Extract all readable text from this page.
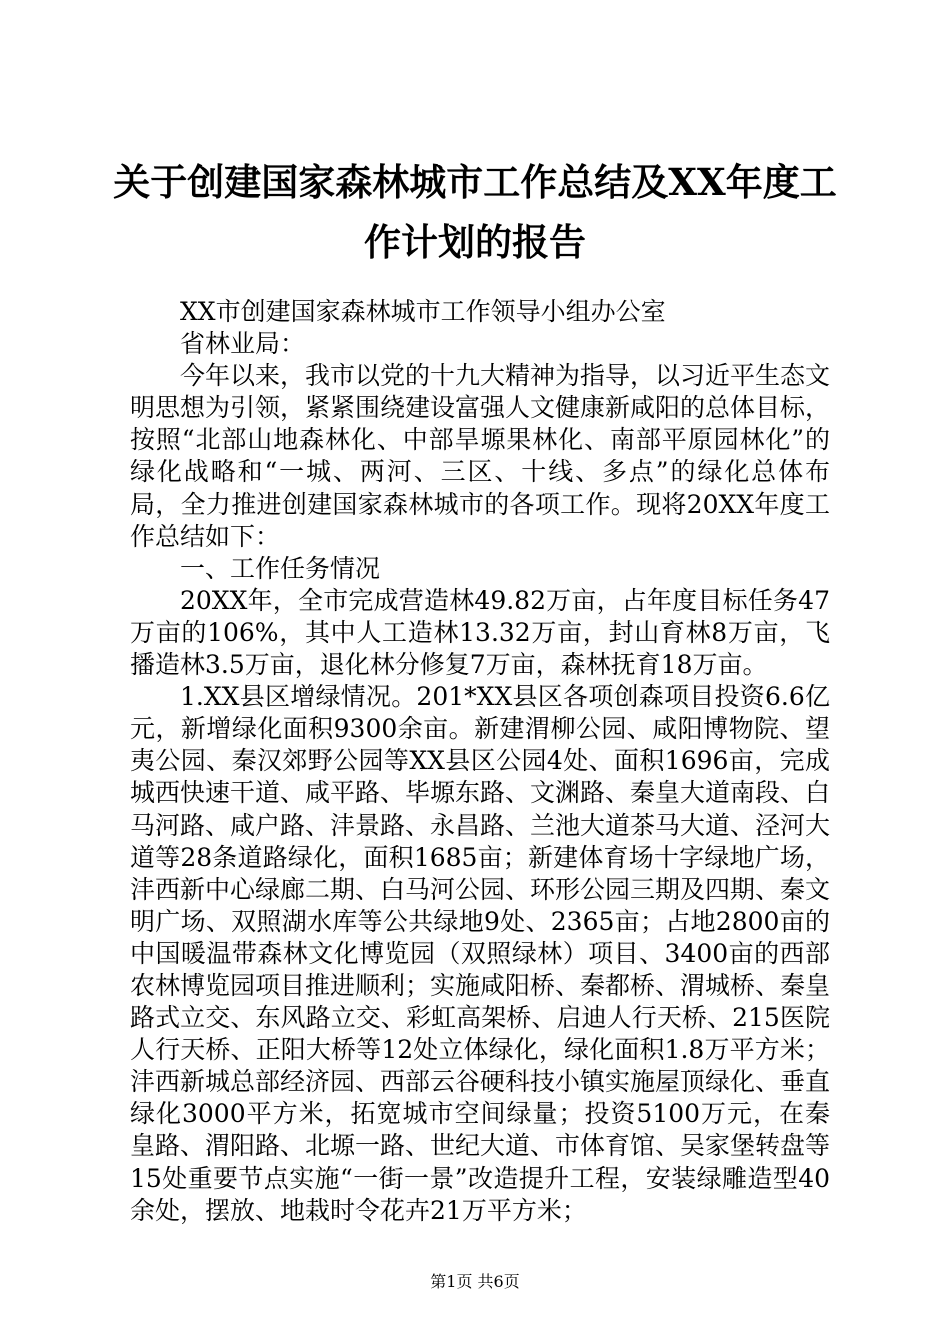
关于创建国家森林城市工作总结及XX年度工
作计划的报告

XX市创建国家森林城市工作领导小组办公室

省林业局：

今年以来，我市以党的十九大精神为指导，以习近平生态文明思想为引领，紧紧围绕建设富强人文健康新咸阳的总体目标，按照“北部山地森林化、中部旱塬果林化、南部平原园林化”的绿化战略和“一城、两河、三区、十线、多点”的绿化总体布局，全力推进创建国家森林城市的各项工作。现将20XX年度工作总结如下：

一、工作任务情况

20XX年，全市完成营造林49.82万亩，占年度目标任务47万亩的106%，其中人工造林13.32万亩，封山育林8万亩，飞播造林3.5万亩，退化林分修复7万亩，森林抚育18万亩。

1.XX县区增绿情况。201*XX县区各项创森项目投资6.6亿元，新增绿化面积9300余亩。新建渭柳公园、咸阳博物院、望夷公园、秦汉郊野公园等XX县区公园4处、面积1696亩，完成城西快速干道、咸平路、毕塬东路、文渊路、秦皇大道南段、白马河路、咸户路、沣景路、永昌路、兰池大道茶马大道、泾河大道等28条道路绿化，面积1685亩；新建体育场十字绿地广场，沣西新中心绿廊二期、白马河公园、环形公园三期及四期、秦文明广场、双照湖水库等公共绿地9处、2365亩；占地2800亩的中国暖温带森林文化博览园（双照绿林）项目、3400亩的西部农林博览园项目推进顺利；实施咸阳桥、秦都桥、渭城桥、秦皇路式立交、东风路立交、彩虹高架桥、启迪人行天桥、215医院人行天桥、正阳大桥等12处立体绿化，绿化面积1.8万平方米；沣西新城总部经济园、西部云谷硬科技小镇实施屋顶绿化、垂直绿化3000平方米，拓宽城市空间绿量；投资5100万元，在秦皇路、渭阳路、北塬一路、世纪大道、市体育馆、吴家堡转盘等15处重要节点实施“一街一景”改造提升工程，安装绿雕造型40余处，摆放、地栽时令花卉21万平方米；

第1页 共6页
